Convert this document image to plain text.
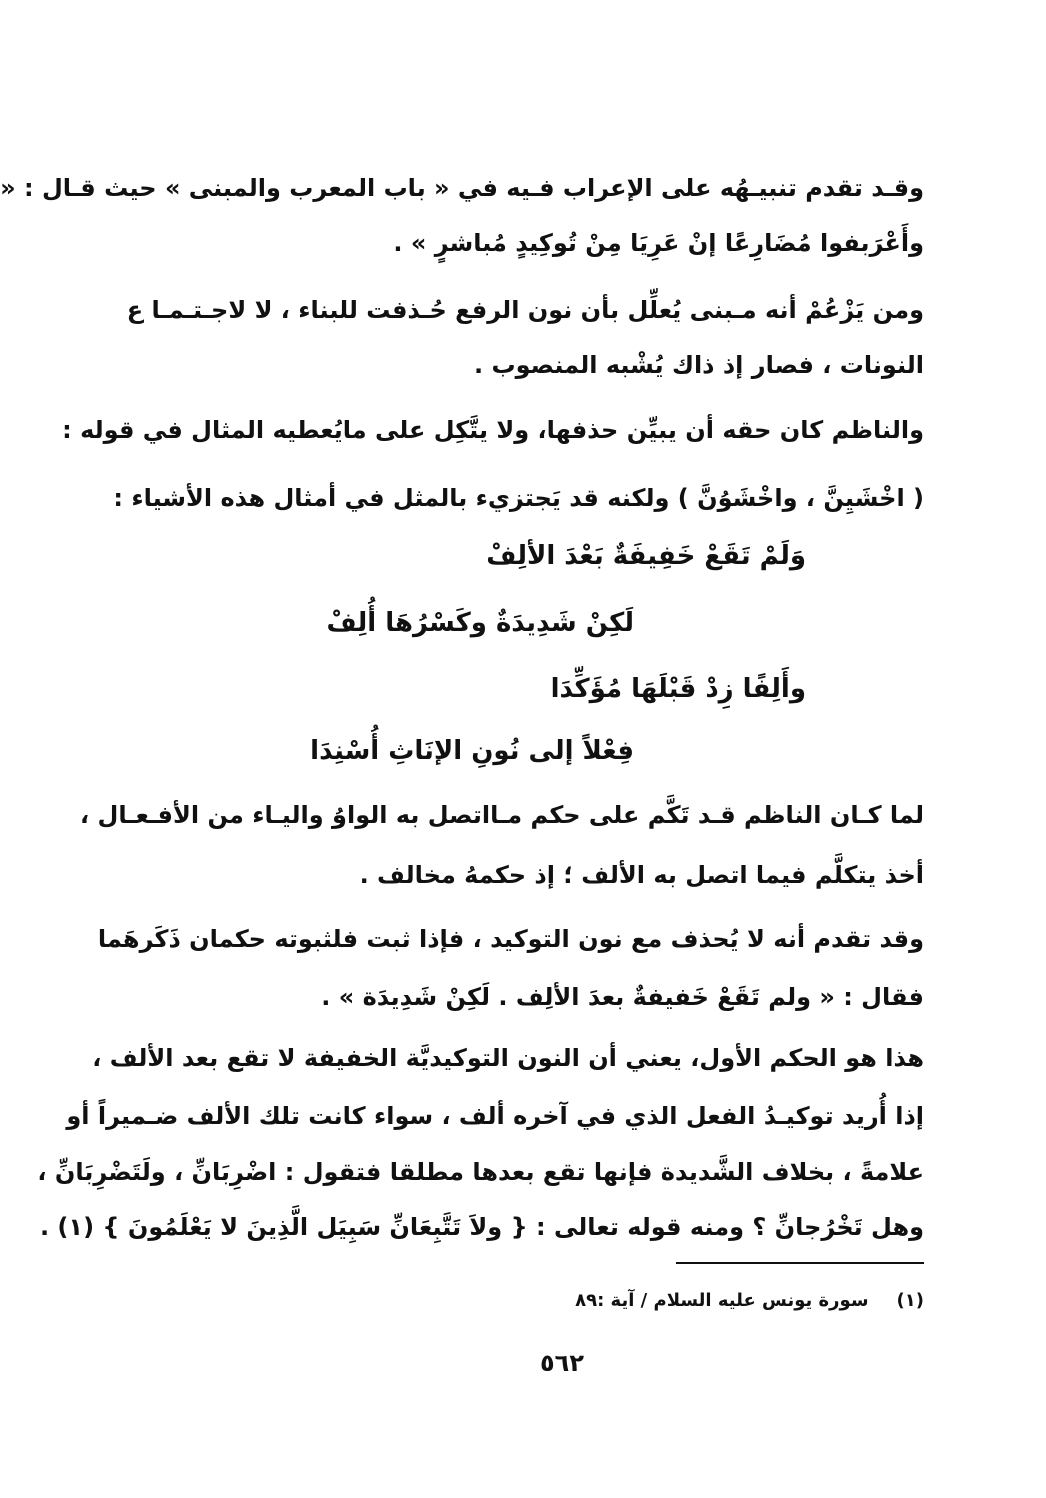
وقـد تقدم تنبيـهُه على الإعراب فـيه في « باب المعرب والمبنى » حيث قـال : «
وأَعْرَبفوا مُضَارِعًا إنْ عَرِيَا مِنْ تُوكِيدٍ مُباشرٍ » .
ومن يَزْعُمْ أنه مـبنى يُعلِّل بأن نون الرفع حُـذفت للبناء ، لا لاجـتـمـا ع
النونات ، فصار إذ ذاك يُشْبه المنصوب .
والناظم كان حقه أن يبيِّن حذفها، ولا يتَّكِل على مايُعطيه المثال في قوله :
( اخْشَيِنَّ ، واخْشَوُنَّ ) ولكنه قد يَجتزيء بالمثل في أمثال هذه الأشياء :
وَلَمْ تَقَعْ خَفِيفَةٌ بَعْدَ الألِفْ
لَكِنْ شَدِيدَةٌ وكَسْرُهَا أُلِفْ
وأَلِفًا زِدْ قَبْلَهَا مُؤَكِّدَا
فِعْلاً إلى نُونِ الإنَاثِ أُسْنِدَا
لما كـان الناظم قـد تَكَّم على حكم مـااتصل به الواوُ واليـاء من الأفـعـال ،
أخذ يتكلَّم فيما اتصل به الألف ؛ إذ حكمهُ مخالف .
وقد تقدم أنه لا يُحذف مع نون التوكيد ، فإذا ثبت فلثبوته حكمان ذَكَرهَما
فقال : « ولم تَقَعْ خَفيفةٌ بعدَ الألِف . لَكِنْ شَدِيدَة » .
هذا هو الحكم الأول، يعني أن النون التوكيديَّة الخفيفة لا تقع بعد الألف ،
إذا أُريد توكيـدُ الفعل الذي في آخره ألف ، سواء كانت تلك الألف ضـميراً أو
علامةً ، بخلاف الشَّديدة فإنها تقع بعدها مطلقا فتقول : اضْرِبَانِّ ، ولَتَضْرِبَانِّ ،
وهل تَخْرُجانِّ ؟ ومنه قوله تعالى : { ولاَ تَتَّبِعَانِّ سَبِيَل الَّذِينَ لا يَعْلَمُونَ } (١) .
(١)سورة يونس عليه السلام / آية :٨٩
٥٦٢
